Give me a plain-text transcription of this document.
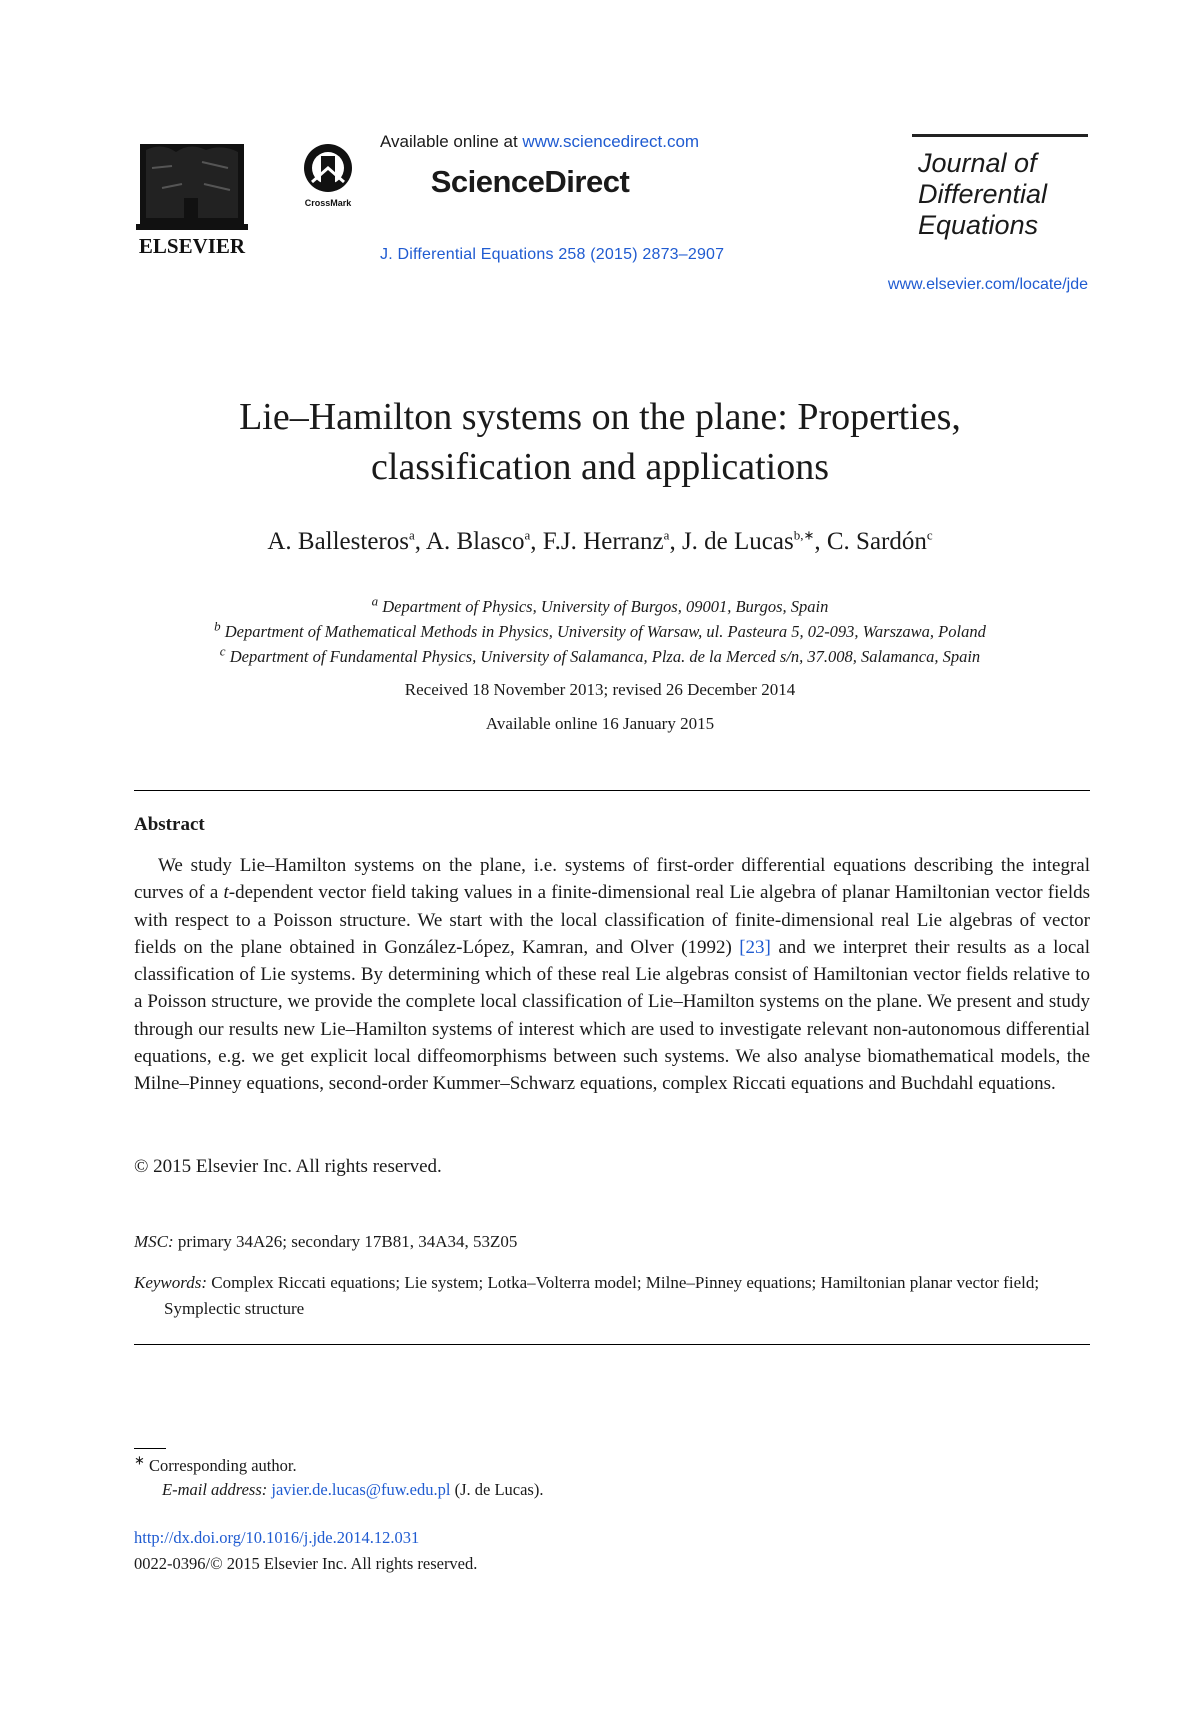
ELSEVIER
CrossMark
Available online at www.sciencedirect.com
ScienceDirect
J. Differential Equations 258 (2015) 2873–2907
Journal of
Differential
Equations
www.elsevier.com/locate/jde
Lie–Hamilton systems on the plane: Properties,
classification and applications
A. Ballesteros$^a$, A. Blasco$^a$, F.J. Herranz$^a$, J. de Lucas$^{b,∗}$, C. Sardón$^c$
$^a$ Department of Physics, University of Burgos, 09001, Burgos, Spain
$^b$ Department of Mathematical Methods in Physics, University of Warsaw, ul. Pasteura 5, 02-093, Warszawa, Poland
$^c$ Department of Fundamental Physics, University of Salamanca, Plza. de la Merced s/n, 37.008, Salamanca, Spain
Received 18 November 2013; revised 26 December 2014
Available online 16 January 2015
Abstract
We study Lie–Hamilton systems on the plane, i.e. systems of first-order differential equations describing the integral curves of a t-dependent vector field taking values in a finite-dimensional real Lie algebra of planar Hamiltonian vector fields with respect to a Poisson structure. We start with the local classification of finite-dimensional real Lie algebras of vector fields on the plane obtained in González-López, Kamran, and Olver (1992) [23] and we interpret their results as a local classification of Lie systems. By determining which of these real Lie algebras consist of Hamiltonian vector fields relative to a Poisson structure, we provide the complete local classification of Lie–Hamilton systems on the plane. We present and study through our results new Lie–Hamilton systems of interest which are used to investigate relevant non-autonomous differential equations, e.g. we get explicit local diffeomorphisms between such systems. We also analyse biomathematical models, the Milne–Pinney equations, second-order Kummer–Schwarz equations, complex Riccati equations and Buchdahl equations.
© 2015 Elsevier Inc. All rights reserved.
MSC: primary 34A26; secondary 17B81, 34A34, 53Z05
Keywords: Complex Riccati equations; Lie system; Lotka–Volterra model; Milne–Pinney equations; Hamiltonian planar vector field; Symplectic structure
∗ Corresponding author.
E-mail address: javier.de.lucas@fuw.edu.pl (J. de Lucas).
http://dx.doi.org/10.1016/j.jde.2014.12.031
0022-0396/© 2015 Elsevier Inc. All rights reserved.
